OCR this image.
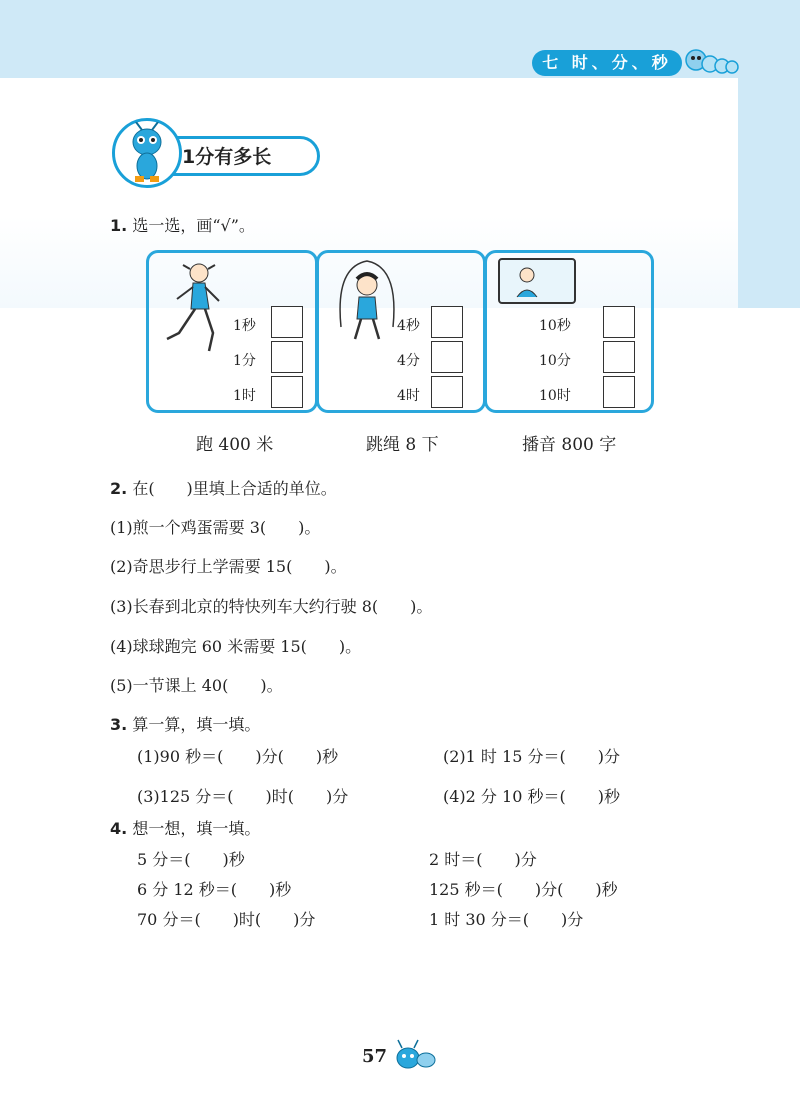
七 时、分、秒
1分有多长
1. 选一选，画“√”。
1秒
1分
1时
4秒
4分
4时
10秒
10分
10时
跑 400 米	跳绳 8 下	播音 800 字
2. 在(　　)里填上合适的单位。
(1)煎一个鸡蛋需要 3(　　)。
(2)奇思步行上学需要 15(　　)。
(3)长春到北京的特快列车大约行驶 8(　　)。
(4)球球跑完 60 米需要 15(　　)。
(5)一节课上 40(　　)。
3. 算一算，填一填。
(1)90 秒＝(　　)分(　　)秒	(2)1 时 15 分＝(　　)分
(3)125 分＝(　　)时(　　)分	(4)2 分 10 秒＝(　　)秒
4. 想一想，填一填。
5 分＝(　　)秒	2 时＝(　　)分
6 分 12 秒＝(　　)秒	125 秒＝(　　)分(　　)秒
70 分＝(　　)时(　　)分	1 时 30 分＝(　　)分
57
